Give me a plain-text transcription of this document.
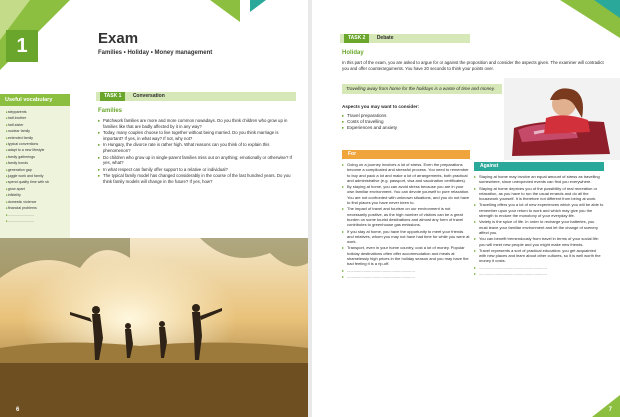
1	Exam
Families • Holiday • Money management
Useful vocabulary
▸ stepparents
▸ half-brother
▸ half-sister
▸ nuclear family
▸ extended family
▸ typical conventions
▸ adapt to a new lifestyle
▸ family gatherings
▸ family bonds
▸ generation gap
▸ juggle work and family
▸ spend quality time with sb
▸ grow apart
▸ infidelity
▸ domestic violence
▸ financial problems
▸ ..........................
▸ ..........................
TASK 1 Conversation
Families
▸ Patchwork families are more and more common nowadays. Do you think children who grow up in families like that are badly affected by it in any way?
▸ Today, many couples choose to live together without being married. Do you think marriage is important? If yes, in what way? If not, why not?
▸ In Hungary, the divorce rate is rather high. What reasons can you think of to explain this phenomenon?
▸ Do children who grow up in single-parent families miss out on anything; emotionally or otherwise? If yes, what?
▸ In what respect can family offer support to a relative or individual?
▸ The typical family model has changed considerably in the course of the last hundred years. Do you think family models will change in the future? If yes, how?
6
TASK 2 Debate
Holiday
In this part of the exam, you are asked to argue for or against the proposition and consider the aspects given. The examiner will contradict you and offer counterarguments. You have 20 seconds to think your points over.
Travelling away from home for the holidays is a waste of time and money.
Aspects you may want to consider:
▸ Travel preparations
▸ Costs of travelling
▸ Experiences and anxiety
For
▸ Going on a journey involves a lot of stress. Even the preparations become a complicated and stressful process. You need to remember to buy and pack a lot and make a lot of arrangements, both practical and administrative (e.g. passport, visa and vaccination certificates).
▸ By staying at home, you can avoid stress because you are in your own familiar environment. You can devote yourself to pure relaxation. You are not confronted with unknown situations, and you do not have to find places you have never been to.
▸ The impact of travel and tourism on our environment is not necessarily positive, as the high number of visitors can be a great burden on some tourist destinations and almost any form of travel contributes to greenhouse gas emissions.
▸ If you stay at home, you have the opportunity to meet your friends and relatives, whom you may not have had time for while you were at work.
▸ Transport, even in your home country, cost a lot of money. Popular holiday destinations often offer accommodation and meals at shamelessly high prices in the holiday season and you may have the bad feeling it is a rip-off.
▸ .............................................................
▸ .............................................................
Against
▸ Staying at home may involve an equal amount of stress as travelling somewhere, since unexpected events can find you everywhere.
▸ Staying at home deprives you of the possibility of real recreation or relaxation, as you have to run the usual errands and do all the housework yourself. It is therefore not different from being at work.
▸ Travelling offers you a lot of new experiences which you will be able to remember upon your return to work and which may give you the strength to endure the monotony of your everyday life.
▸ Variety is the spice of life. In order to recharge your batteries, you must leave your familiar environment and let the change of scenery affect you.
▸ You can benefit tremendously from travel in terms of your social life: you will meet new people and you might make new friends.
▸ Travel represents a sort of practical education: you get acquainted with new places and learn about other cultures, so it is well worth the money it costs.
▸ .............................................................
▸ .............................................................
7
